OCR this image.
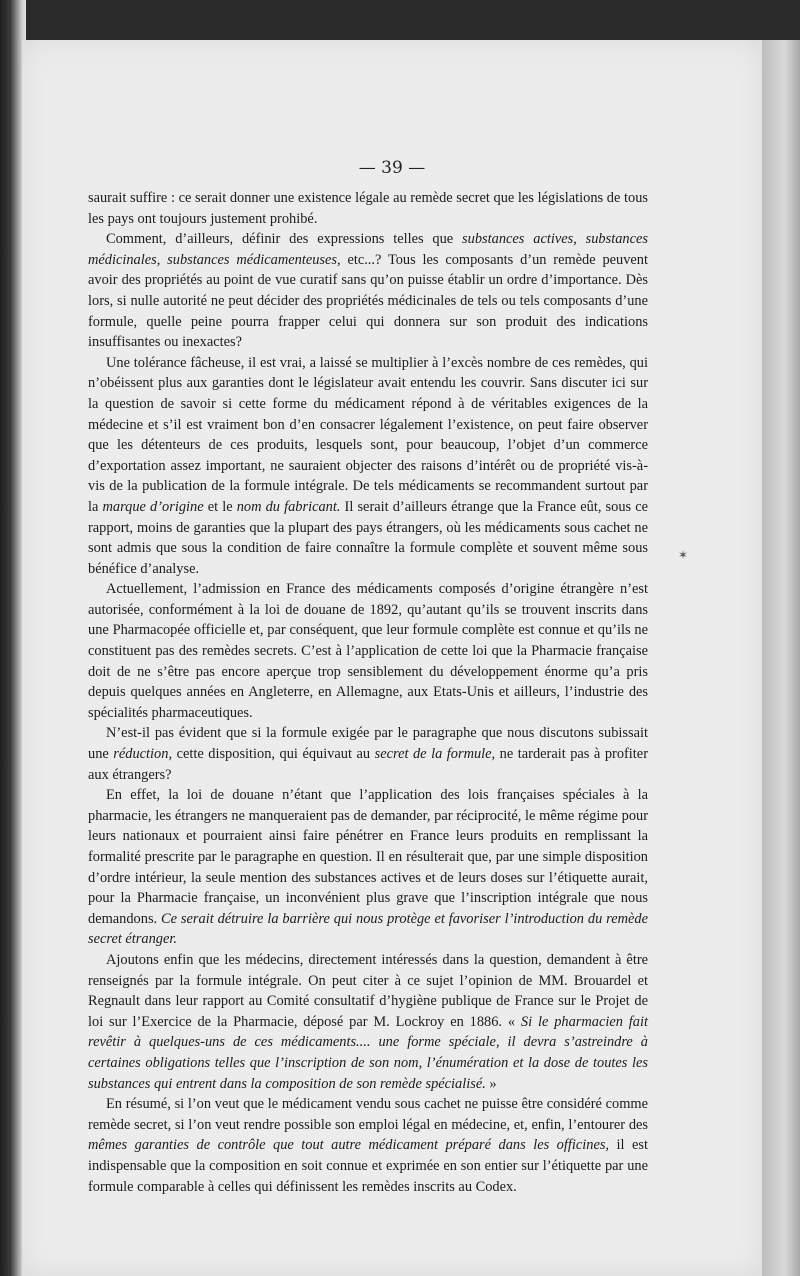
— 39 —

saurait suffire : ce serait donner une existence légale au remède secret que les législations de tous les pays ont toujours justement prohibé.

Comment, d’ailleurs, définir des expressions telles que substances actives, substances médicinales, substances médicamenteuses, etc...? Tous les composants d’un remède peuvent avoir des propriétés au point de vue curatif sans qu’on puisse établir un ordre d’importance. Dès lors, si nulle autorité ne peut décider des propriétés médicinales de tels ou tels composants d’une formule, quelle peine pourra frapper celui qui donnera sur son produit des indications insuffisantes ou inexactes?

Une tolérance fâcheuse, il est vrai, a laissé se multiplier à l’excès nombre de ces remèdes, qui n’obéissent plus aux garanties dont le législateur avait entendu les couvrir. Sans discuter ici sur la question de savoir si cette forme du médicament répond à de véritables exigences de la médecine et s’il est vraiment bon d’en consacrer légalement l’existence, on peut faire observer que les détenteurs de ces produits, lesquels sont, pour beaucoup, l’objet d’un commerce d’exportation assez important, ne sauraient objecter des raisons d’intérêt ou de propriété vis-à-vis de la publication de la formule intégrale. De tels médicaments se recommandent surtout par la marque d’origine et le nom du fabricant. Il serait d’ailleurs étrange que la France eût, sous ce rapport, moins de garanties que la plupart des pays étrangers, où les médicaments sous cachet ne sont admis que sous la condition de faire connaître la formule complète et souvent même sous bénéfice d’analyse.

Actuellement, l’admission en France des médicaments composés d’origine étrangère n’est autorisée, conformément à la loi de douane de 1892, qu’autant qu’ils se trouvent inscrits dans une Pharmacopée officielle et, par conséquent, que leur formule complète est connue et qu’ils ne constituent pas des remèdes secrets. C’est à l’application de cette loi que la Pharmacie française doit de ne s’être pas encore aperçue trop sensiblement du développement énorme qu’a pris depuis quelques années en Angleterre, en Allemagne, aux Etats-Unis et ailleurs, l’industrie des spécialités pharmaceutiques.

N’est-il pas évident que si la formule exigée par le paragraphe que nous discutons subissait une réduction, cette disposition, qui équivaut au secret de la formule, ne tarderait pas à profiter aux étrangers?

En effet, la loi de douane n’étant que l’application des lois françaises spéciales à la pharmacie, les étrangers ne manqueraient pas de demander, par réciprocité, le même régime pour leurs nationaux et pourraient ainsi faire pénétrer en France leurs produits en remplissant la formalité prescrite par le paragraphe en question. Il en résulterait que, par une simple disposition d’ordre intérieur, la seule mention des substances actives et de leurs doses sur l’étiquette aurait, pour la Pharmacie française, un inconvénient plus grave que l’inscription intégrale que nous demandons. Ce serait détruire la barrière qui nous protège et favoriser l’introduction du remède secret étranger.

Ajoutons enfin que les médecins, directement intéressés dans la question, demandent à être renseignés par la formule intégrale. On peut citer à ce sujet l’opinion de MM. Brouardel et Regnault dans leur rapport au Comité consultatif d’hygiène publique de France sur le Projet de loi sur l’Exercice de la Pharmacie, déposé par M. Lockroy en 1886. « Si le pharmacien fait revêtir à quelques-uns de ces médicaments.... une forme spéciale, il devra s’astreindre à certaines obligations telles que l’inscription de son nom, l’énumération et la dose de toutes les substances qui entrent dans la composition de son remède spécialisé. »

En résumé, si l’on veut que le médicament vendu sous cachet ne puisse être considéré comme remède secret, si l’on veut rendre possible son emploi légal en médecine, et, enfin, l’entourer des mêmes garanties de contrôle que tout autre médicament préparé dans les officines, il est indispensable que la composition en soit connue et exprimée en son entier sur l’étiquette par une formule comparable à celles qui définissent les remèdes inscrits au Codex.

✶
